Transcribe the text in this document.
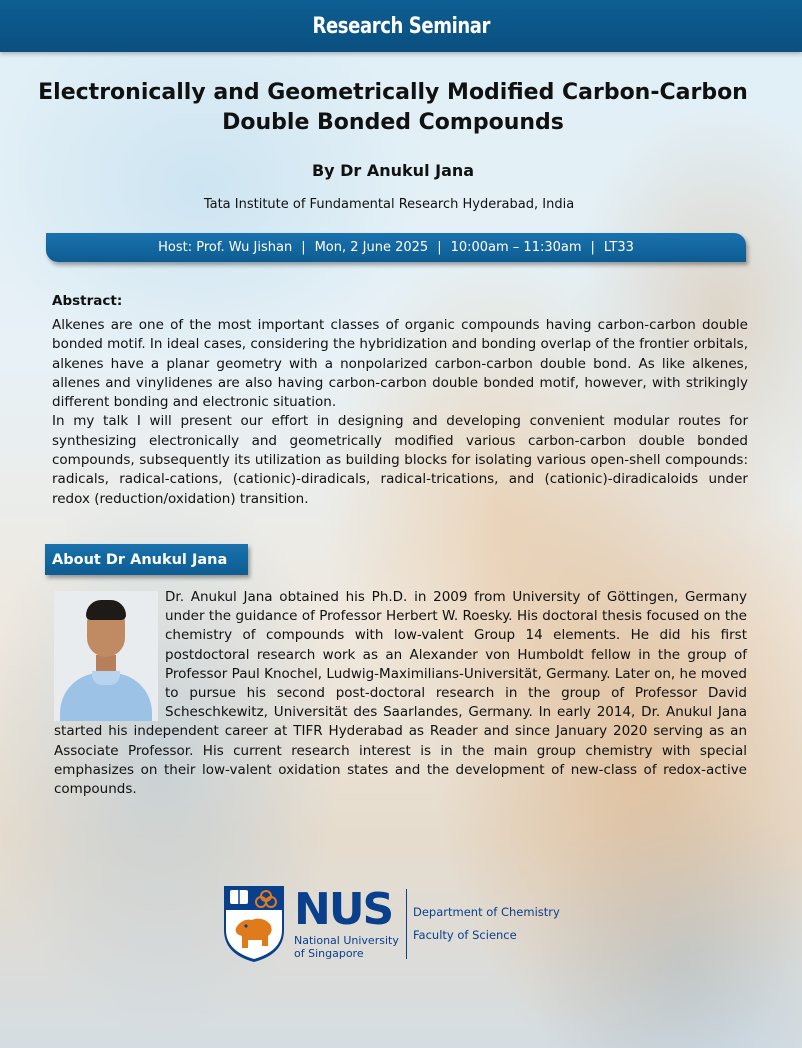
Research Seminar
Electronically and Geometrically Modified Carbon-Carbon
Double Bonded Compounds
By Dr Anukul Jana
Tata Institute of Fundamental Research Hyderabad, India
Host: Prof. Wu Jishan | Mon, 2 June 2025 | 10:00am – 11:30am | LT33
Abstract:

Alkenes are one of the most important classes of organic compounds having carbon-carbon double bonded motif. In ideal cases, considering the hybridization and bonding overlap of the frontier orbitals, alkenes have a planar geometry with a nonpolarized carbon-carbon double bond. As like alkenes, allenes and vinylidenes are also having carbon-carbon double bonded motif, however, with strikingly different bonding and electronic situation.

In my talk I will present our effort in designing and developing convenient modular routes for synthesizing electronically and geometrically modified various carbon-carbon double bonded compounds, subsequently its utilization as building blocks for isolating various open-shell compounds: radicals, radical-cations, (cationic)-diradicals, radical-trications, and (cationic)-diradicaloids under redox (reduction/oxidation) transition.

About Dr Anukul Jana
Dr. Anukul Jana obtained his Ph.D. in 2009 from University of Göttingen, Germany under the guidance of Professor Herbert W. Roesky. His doctoral thesis focused on the chemistry of compounds with low-valent Group 14 elements. He did his first postdoctoral research work as an Alexander von Humboldt fellow in the group of Professor Paul Knochel, Ludwig-Maximilians-Universität, Germany. Later on, he moved to pursue his second post-doctoral research in the group of Professor David Scheschkewitz, Universität des Saarlandes, Germany. In early 2014, Dr. Anukul Jana started his independent career at TIFR Hyderabad as Reader and since January 2020 serving as an Associate Professor. His current research interest is in the main group chemistry with special emphasizes on their low-valent oxidation states and the development of new-class of redox-active compounds.
NUS
National University
of Singapore
Department of Chemistry
Faculty of Science
